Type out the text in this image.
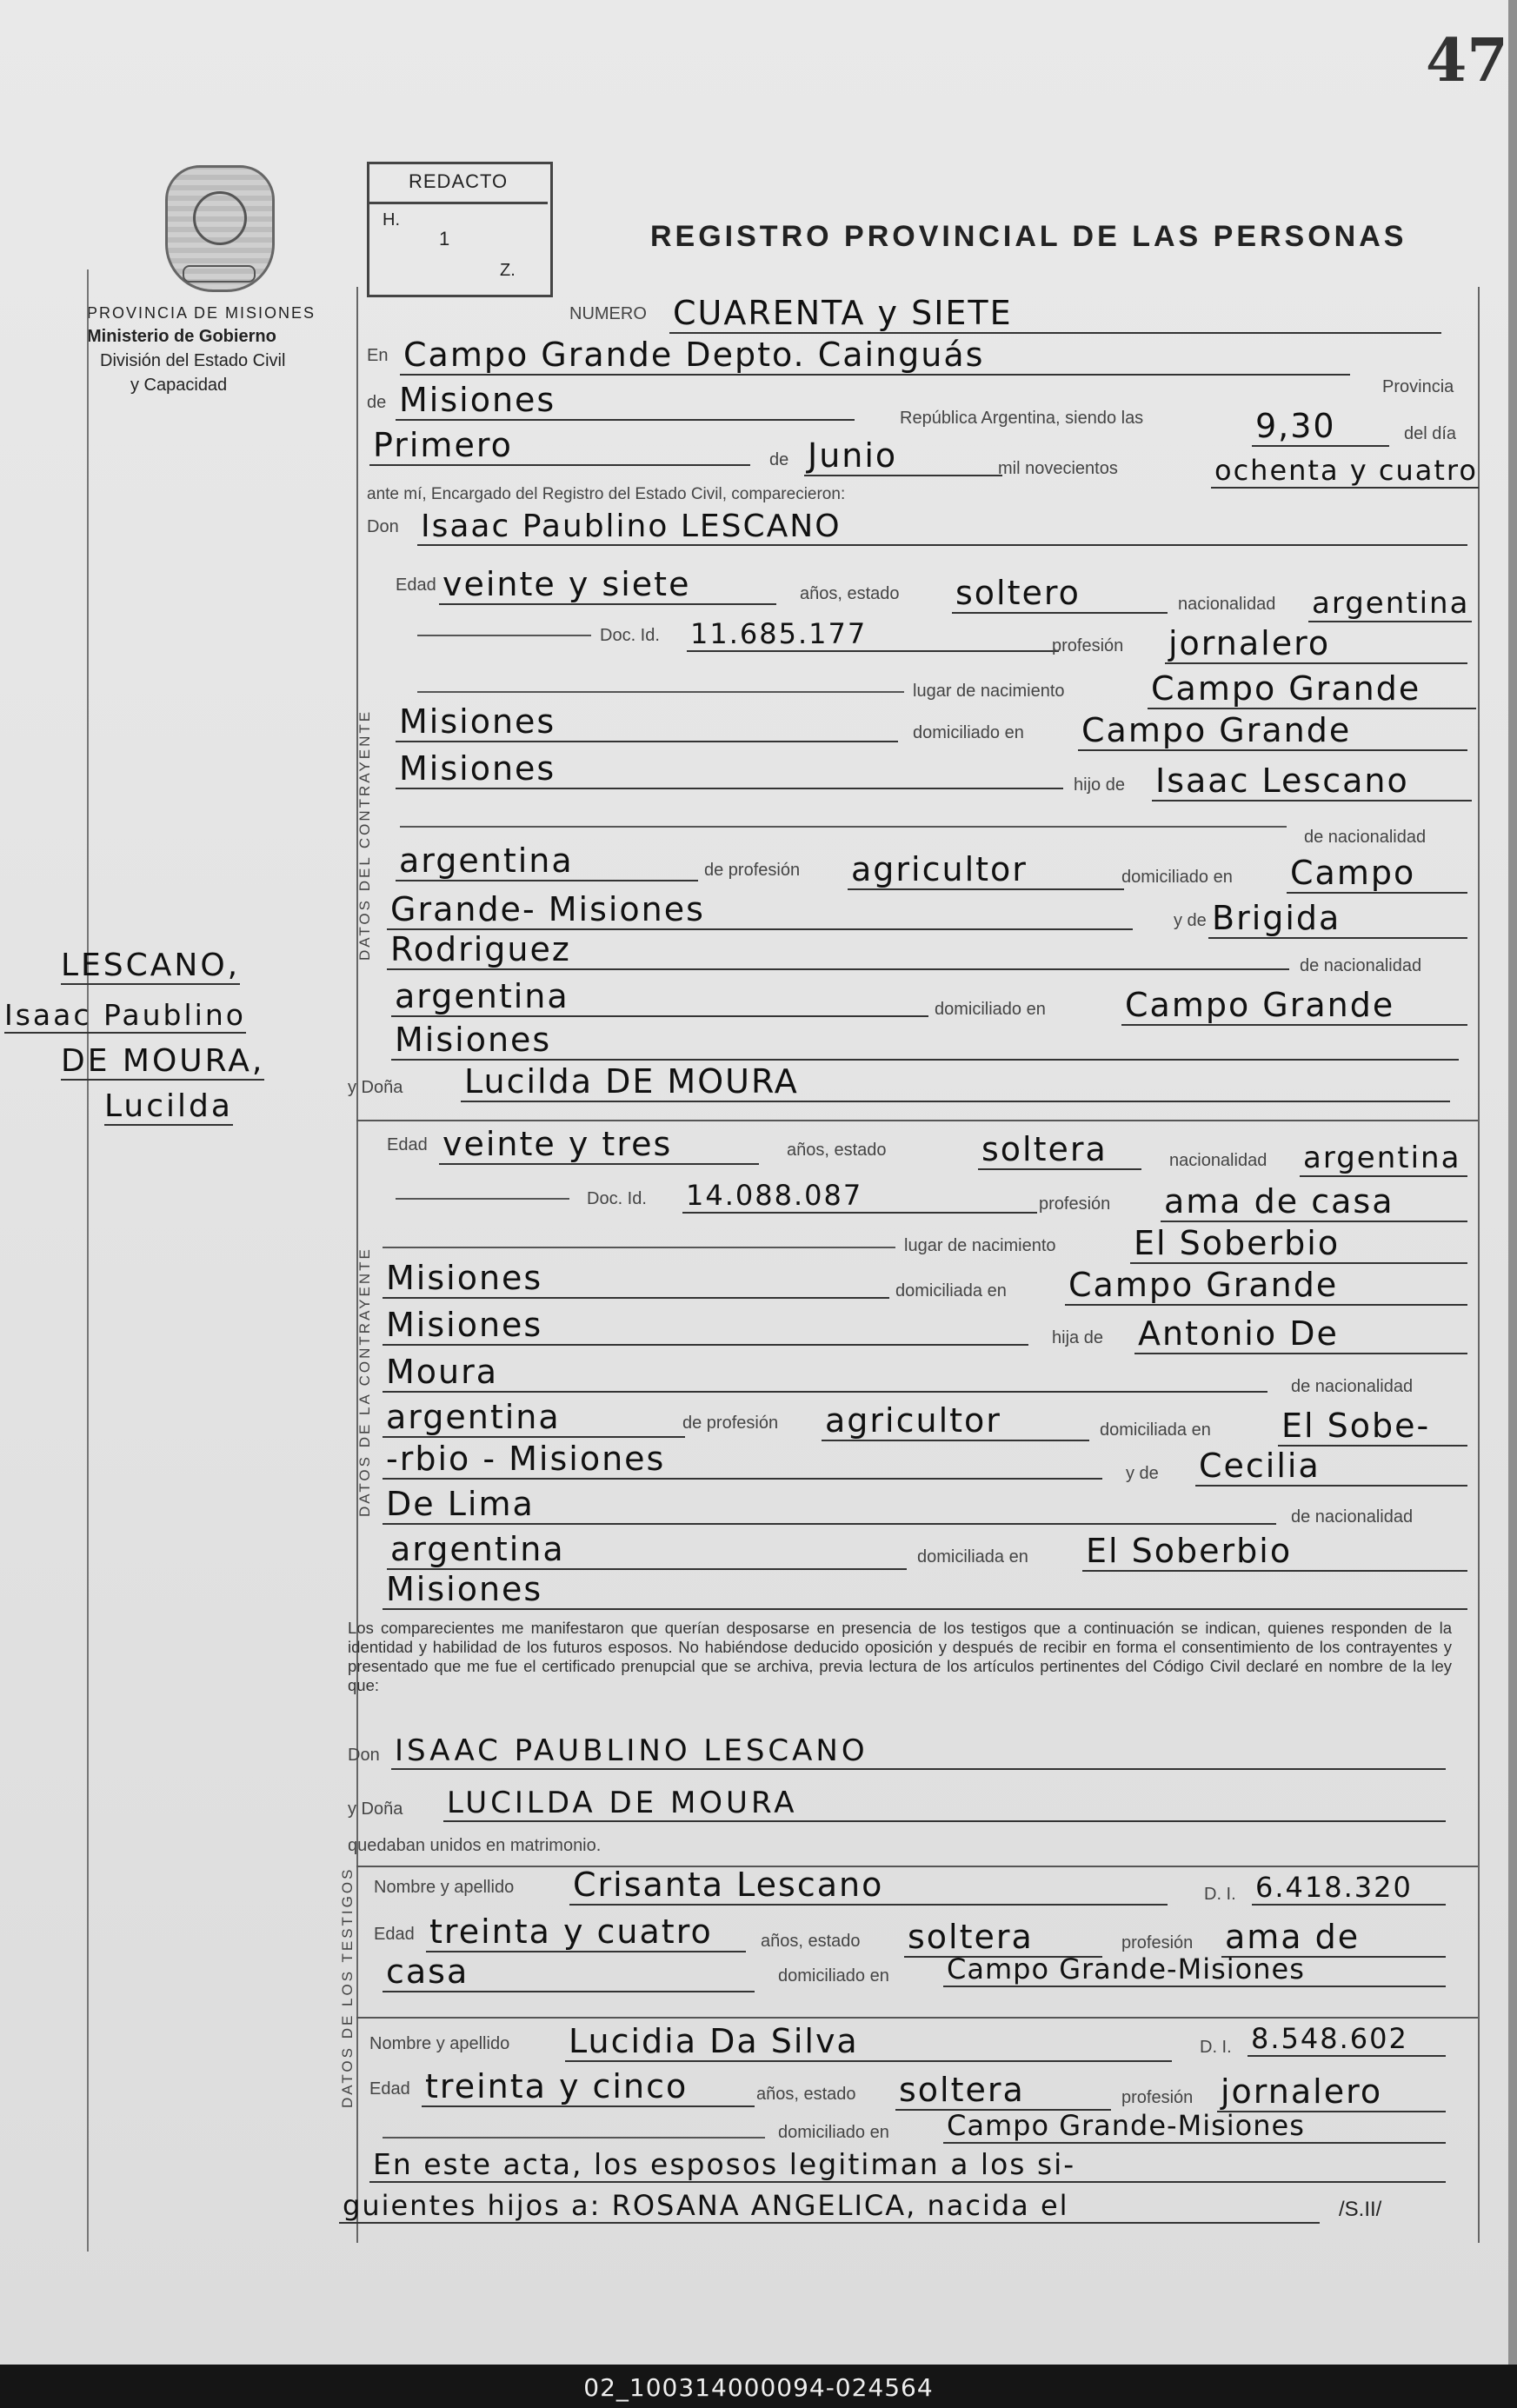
02_100314000094-024564
47
PROVINCIA DE MISIONES
Ministerio de Gobierno
División del Estado Civil
y Capacidad
REDACTO
H.
1
Z.
REGISTRO PROVINCIAL DE LAS PERSONAS
LESCANO,
Isaac Paublino
DE MOURA,
Lucilda
DATOS DEL CONTRAYENTE
DATOS DE LA CONTRAYENTE
DATOS DE LOS TESTIGOS
NUMERO CUARENTA y SIETE
En Campo Grande Depto. Cainguás
Provincia
de Misiones	República Argentina, siendo las	9,30	del día
Primero	de Junio	mil novecientos	ochenta y cuatro
ante mí, Encargado del Registro del Estado Civil, comparecieron:
Don Isaac Paublino LESCANO
Edad veinte y siete	años, estado soltero	nacionalidad argentina
Doc. Id. 11.685.177	profesión jornalero
lugar de nacimiento	Campo Grande
Misiones	domiciliado en Campo Grande
Misiones	hijo de Isaac Lescano
de nacionalidad
argentina	de profesión agricultor	domiciliado en Campo
Grande- Misiones	y de Brigida
Rodriguez	de nacionalidad
argentina	domiciliado en Campo Grande
Misiones
y Doña Lucilda DE MOURA
Edad veinte y tres	años, estado	soltera	nacionalidad argentina
Doc. Id. 14.088.087	profesión ama de casa
lugar de nacimiento El Soberbio
Misiones	domiciliada en Campo Grande
Misiones	hija de Antonio De
Moura	de nacionalidad
argentina	de profesión agricultor	domiciliada en El Sobe-
-rbio - Misiones	y de Cecilia
De Lima	de nacionalidad
argentina	domiciliada en El Soberbio
Misiones
Los comparecientes me manifestaron que querían desposarse en presencia de los testigos que a continuación se indican, quienes responden de la identidad y habilidad de los futuros esposos. No habiéndose deducido oposición y después de recibir en forma el consentimiento de los contrayentes y presentado que me fue el certificado prenupcial que se archiva, previa lectura de los artículos pertinentes del Código Civil declaré en nombre de la ley que:
Don ISAAC PAUBLINO LESCANO
y Doña LUCILDA DE MOURA
quedaban unidos en matrimonio.
Nombre y apellido Crisanta Lescano	D. I. 6.418.320
Edad treinta y cuatro	años, estado soltera	profesión ama de
casa	domiciliado en Campo Grande-Misiones
Nombre y apellido Lucidia Da Silva	D. I. 8.548.602
Edad treinta y cinco	años, estado soltera	profesión jornalero
domiciliado en Campo Grande-Misiones
En este acta, los esposos legitiman a los si-
guientes hijos a: ROSANA ANGELICA, nacida el	/S.II/
